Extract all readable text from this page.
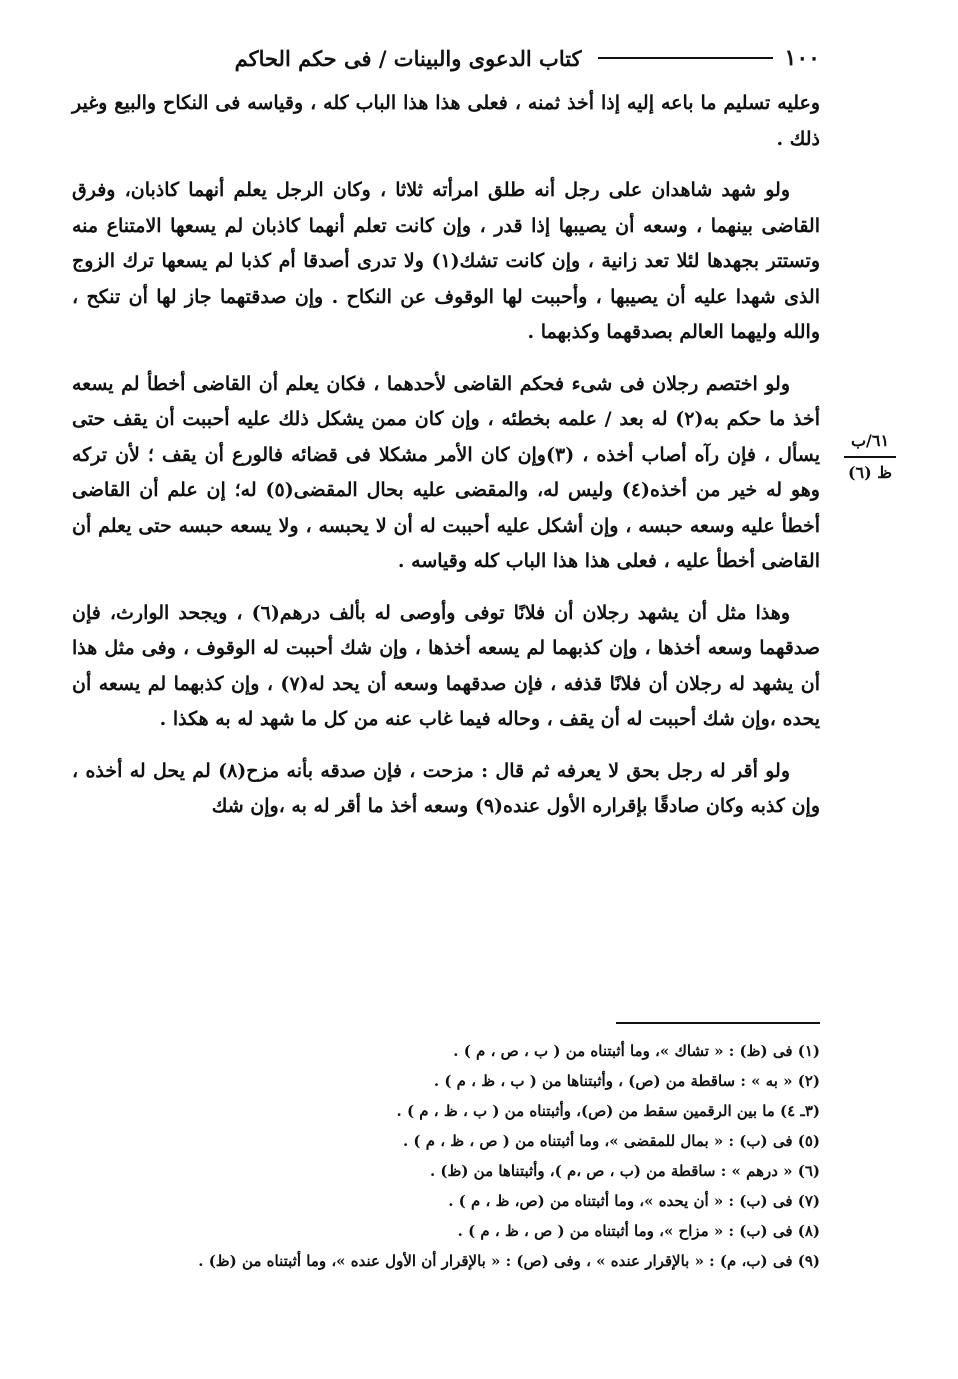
١٠٠
كتاب الدعوى والبينات / فى حكم الحاكم

وعليه تسليم ما باعه إليه إذا أخذ ثمنه ، فعلى هذا هذا الباب كله ، وقياسه فى النكاح والبيع وغير ذلك .

ولو شهد شاهدان على رجل أنه طلق امرأته ثلاثا ، وكان الرجل يعلم أنهما كاذبان، وفرق القاضى بينهما ، وسعه أن يصيبها إذا قدر ، وإن كانت تعلم أنهما كاذبان لم يسعها الامتناع منه وتستتر بجهدها لئلا تعد زانية ، وإن كانت تشك(١) ولا تدرى أصدقا أم كذبا لم يسعها ترك الزوج الذى شهدا عليه أن يصيبها ، وأحببت لها الوقوف عن النكاح . وإن صدقتهما جاز لها أن تنكح ، والله وليهما العالم بصدقهما وكذبهما .

ولو اختصم رجلان فى شىء فحكم القاضى لأحدهما ، فكان يعلم أن القاضى أخطأ لم يسعه أخذ ما حكم به(٢) له بعد / علمه بخطئه ، وإن كان ممن يشكل ذلك عليه أحببت أن يقف حتى يسأل ، فإن رآه أصاب أخذه ، (٣)وإن كان الأمر مشكلا فى قضائه فالورع أن يقف ؛ لأن تركه وهو له خير من أخذه(٤) وليس له، والمقضى عليه بحال المقضى(٥) له؛ إن علم أن القاضى أخطأ عليه وسعه حبسه ، وإن أشكل عليه أحببت له أن لا يحبسه ، ولا يسعه حبسه حتى يعلم أن القاضى أخطأ عليه ، فعلى هذا هذا الباب كله وقياسه .

وهذا مثل أن يشهد رجلان أن فلانًا توفى وأوصى له بألف درهم(٦) ، ويجحد الوارث، فإن صدقهما وسعه أخذها ، وإن كذبهما لم يسعه أخذها ، وإن شك أحببت له الوقوف ، وفى مثل هذا أن يشهد له رجلان أن فلانًا قذفه ، فإن صدقهما وسعه أن يحد له(٧) ، وإن كذبهما لم يسعه أن يحده ،وإن شك أحببت له أن يقف ، وحاله فيما غاب عنه من كل ما شهد له به هكذا .

ولو أقر له رجل بحق لا يعرفه ثم قال : مزحت ، فإن صدقه بأنه مزح(٨) لم يحل له أخذه ، وإن كذبه وكان صادقًا بإقراره الأول عنده(٩) وسعه أخذ ما أقر له به ،وإن شك

٦١/ب
ظ (٦)
(١) فى (ظ) : « تشاك »، وما أثبتناه من ( ب ، ص ، م ) .
(٢) « به » : ساقطة من (ص) ، وأثبتناها من ( ب ، ظ ، م ) .
(٣ـ ٤) ما بين الرقمين سقط من (ص)، وأثبتناه من ( ب ، ظ ، م ) .
(٥) فى (ب) : « بمال للمقضى »، وما أثبتناه من ( ص ، ظ ، م ) .
(٦) « درهم » : ساقطة من (ب ، ص ،م )، وأثبتناها من (ظ) .
(٧) فى (ب) : « أن يحده »، وما أثبتناه من (ص، ظ ، م ) .
(٨) فى (ب) : « مزاح »، وما أثبتناه من ( ص ، ظ ، م ) .
(٩) فى (ب، م) : « بالإقرار عنده » ، وفى (ص) : « بالإقرار أن الأول عنده »، وما أثبتناه من (ظ) .
